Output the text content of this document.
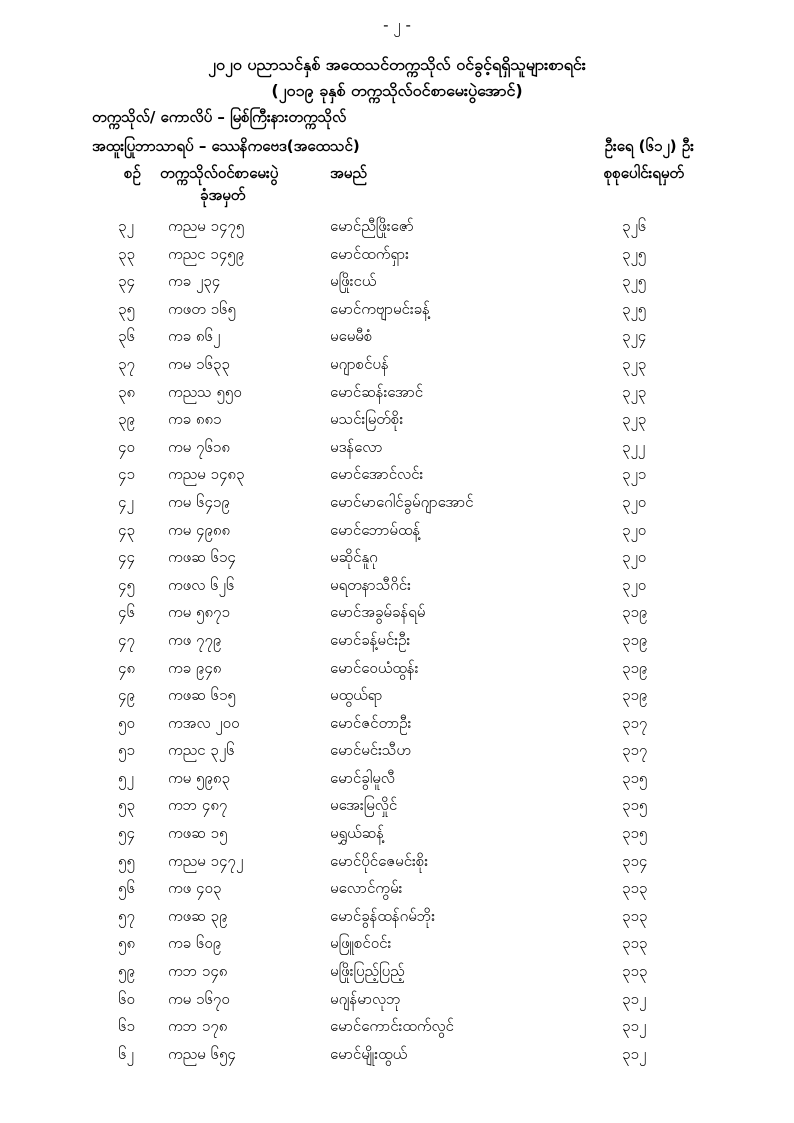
- ၂ -
၂၀၂၀ ပညာသင်နှစ် အထေသင်တက္ကသိုလ် ဝင်ခွင့်ရရှိသူများစာရင်း
(၂၀၁၉ ခုနှစ် တက္ကသိုလ်ဝင်စာမေးပွဲအောင်)
တက္ကသိုလ်/ ကောလိပ် – မြစ်ကြီးနားတက္ကသိုလ်
အထူးပြုဘာသာရပ် – ဿေနိကဗေဒ(အထေသင်)	ဦးရေ (၆၁၂) ဦး
စဉ် တက္ကသိုလ်ဝင်စာမေးပွဲ
ခုံအမှတ်
အမည်	စုစုပေါင်းရမှတ်
၃၂ ကညမ ၁၄၇၅	မောင်ညီဖြိုးဇော်	၃၂၆
၃၃ ကညင ၁၄၅၉	မောင်ထက်ရှား	၃၂၅
၃၄ ကခ ၂၃၄	မဖြိုးငယ်	၃၂၅
၃၅ ကဖတ ၁၆၅	မောင်ကဗျာမင်းခန့်	၃၂၅
၃၆ ကခ ၈၆၂	မမေမီစံ	၃၂၄
၃၇ ကမ ၁၆၃၃	မဂျာစင်ပန်	၃၂၃
၃၈ ကညသ ၅၅၀	မောင်ဆန်းအောင်	၃၂၃
၃၉ ကခ ၈၈၁	မသင်းမြတ်စိုး	၃၂၃
၄၀ ကမ ၇၆၁၈	မဒန်လော	၃၂၂
၄၁ ကညမ ၁၄၈၃	မောင်အောင်လင်း	၃၂၁
၄၂ ကမ ၆၄၁၉	မောင်မာဂေါင်ခွမ်ဂျာအောင်	၃၂၀
၄၃ ကမ ၄၉၈၈	မောင်ဘောမ်ထန့်	၃၂၀
၄၄ ကဖဆ ၆၁၄	မဆိုင်နူဂု	၃၂၀
၄၅ ကဖလ ၆၂၆	မရတနာသီဂိင်း	၃၂၀
၄၆ ကမ ၅၈၇၁	မောင်အခွမ်ခန်ရမ်	၃၁၉
၄၇ ကဖ ၇၇၉	မောင်ခန့်မင်းဦး	၃၁၉
၄၈ ကခ ၉၄၈	မောင်ဝေယံထွန်း	၃၁၉
၄၉ ကဖဆ ၆၁၅	မထွယ်ရာ	၃၁၉
၅၀ ကအလ ၂၀၀	မောင်ဇင်တာဦး	၃၁၇
၅၁ ကညင ၃၂၆	မောင်မင်းသီဟ	၃၁၇
၅၂ ကမ ၅၉၈၃	မောင်ခွါမူလီ	၃၁၅
၅၃ ကဘ ၄၈၇	မအေးမြလှိုင်	၃၁၅
၅၄ ကဖဆ ၁၅	မရွှယ်ဆန့်	၃၁၅
၅၅ ကညမ ၁၄၇၂	မောင်ပိုင်ဇေမင်းစိုး	၃၁၄
၅၆ ကဖ ၄၀၃	မလောင်ကွမ်း	၃၁၃
၅၇ ကဖဆ ၃၉	မောင်ခွန်ထန်ဂမ်ဘိုး	၃၁၃
၅၈ ကခ ၆၀၉	မဖြူစင်ဝင်း	၃၁၃
၅၉ ကဘ ၁၄၈	မဖြိုးပြည့်ပြည့်	၃၁၃
၆၀ ကမ ၁၆၇၀	မဂျန်မာလုဘု	၃၁၂
၆၁ ကဘ ၁၇၈	မောင်ကောင်းထက်လွင်	၃၁၂
၆၂ ကညမ ၆၅၄	မောင်မျိုးထွယ်	၃၁၂
